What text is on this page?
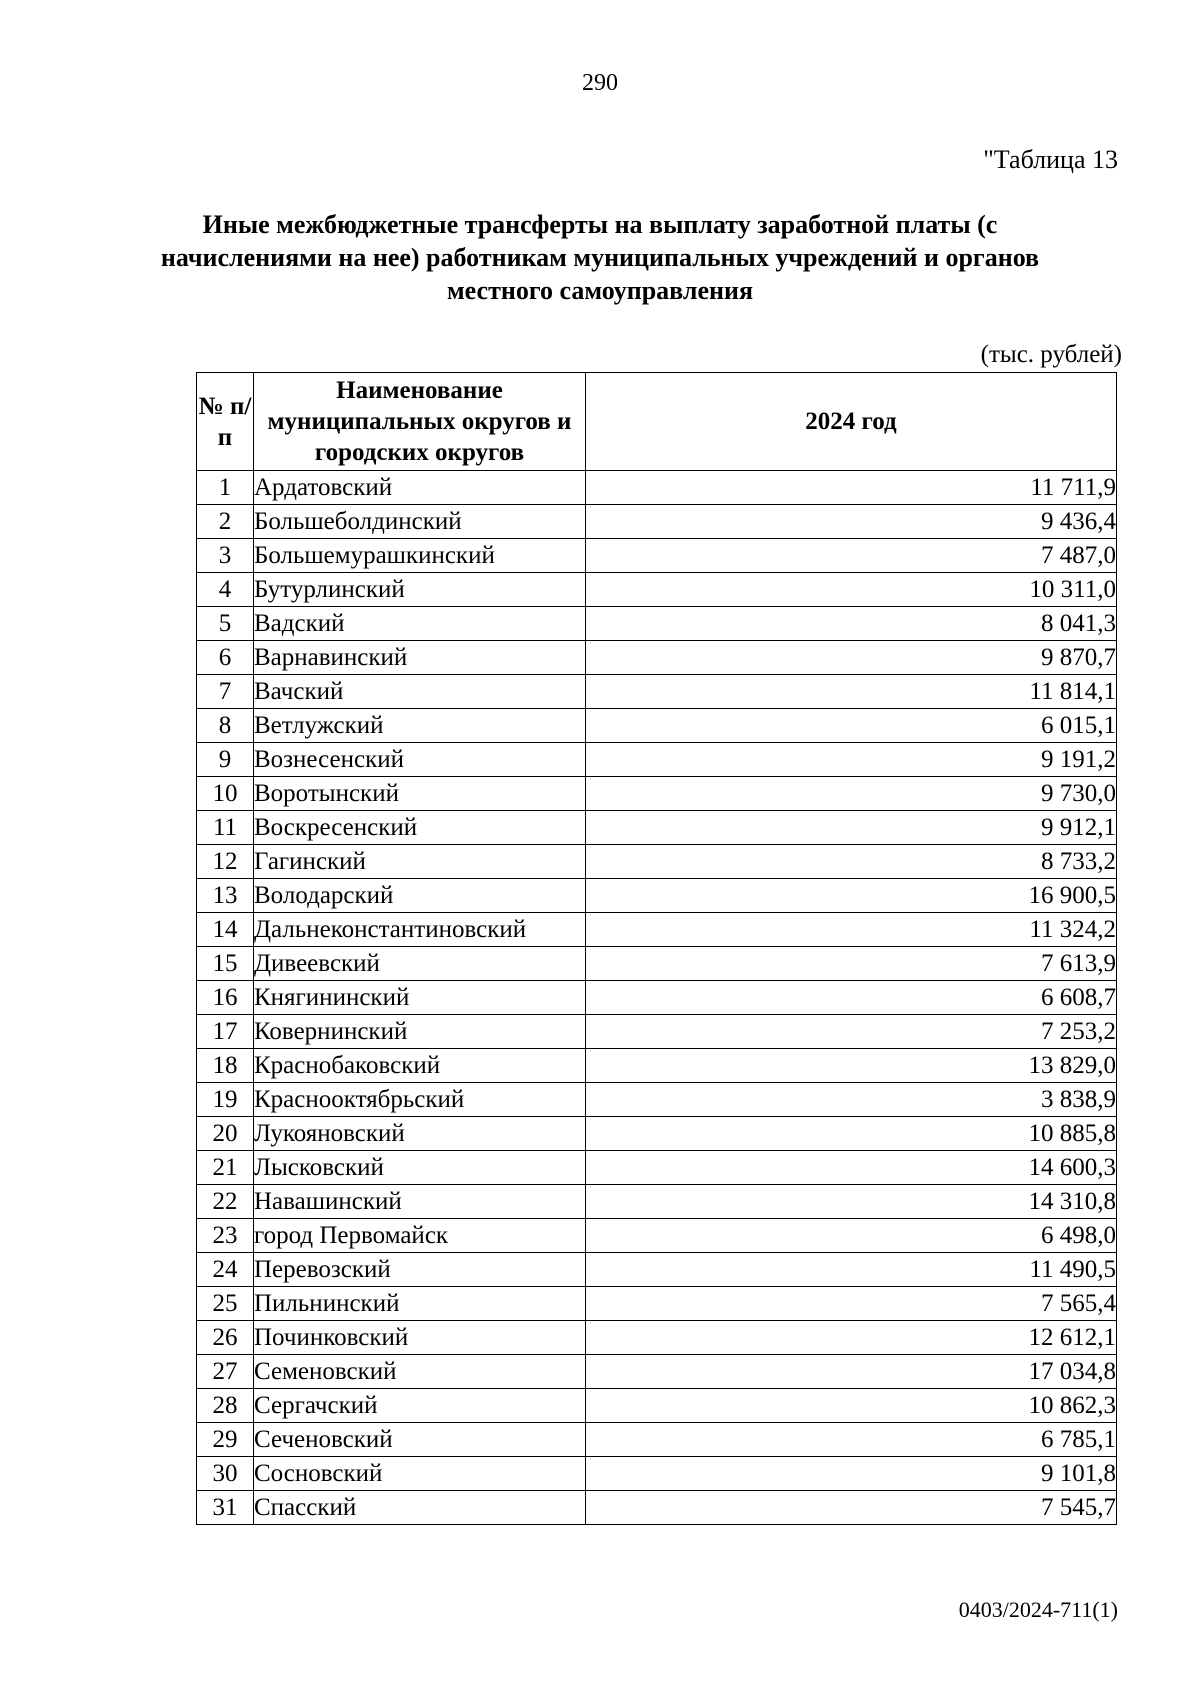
290
"Таблица 13
Иные межбюджетные трансферты на выплату заработной платы (с начислениями на нее) работникам муниципальных учреждений и органов местного самоуправления
(тыс. рублей)
№ п/п	Наименование муниципальных округов и городских округов	2024 год
1	Ардатовский	11 711,9
2	Большеболдинский	9 436,4
3	Большемурашкинский	7 487,0
4	Бутурлинский	10 311,0
5	Вадский	8 041,3
6	Варнавинский	9 870,7
7	Вачский	11 814,1
8	Ветлужский	6 015,1
9	Вознесенский	9 191,2
10	Воротынский	9 730,0
11	Воскресенский	9 912,1
12	Гагинский	8 733,2
13	Володарский	16 900,5
14	Дальнеконстантиновский	11 324,2
15	Дивеевский	7 613,9
16	Княгининский	6 608,7
17	Ковернинский	7 253,2
18	Краснобаковский	13 829,0
19	Краснооктябрьский	3 838,9
20	Лукояновский	10 885,8
21	Лысковский	14 600,3
22	Навашинский	14 310,8
23	город Первомайск	6 498,0
24	Перевозский	11 490,5
25	Пильнинский	7 565,4
26	Починковский	12 612,1
27	Семеновский	17 034,8
28	Сергачский	10 862,3
29	Сеченовский	6 785,1
30	Сосновский	9 101,8
31	Спасский	7 545,7
0403/2024-711(1)
